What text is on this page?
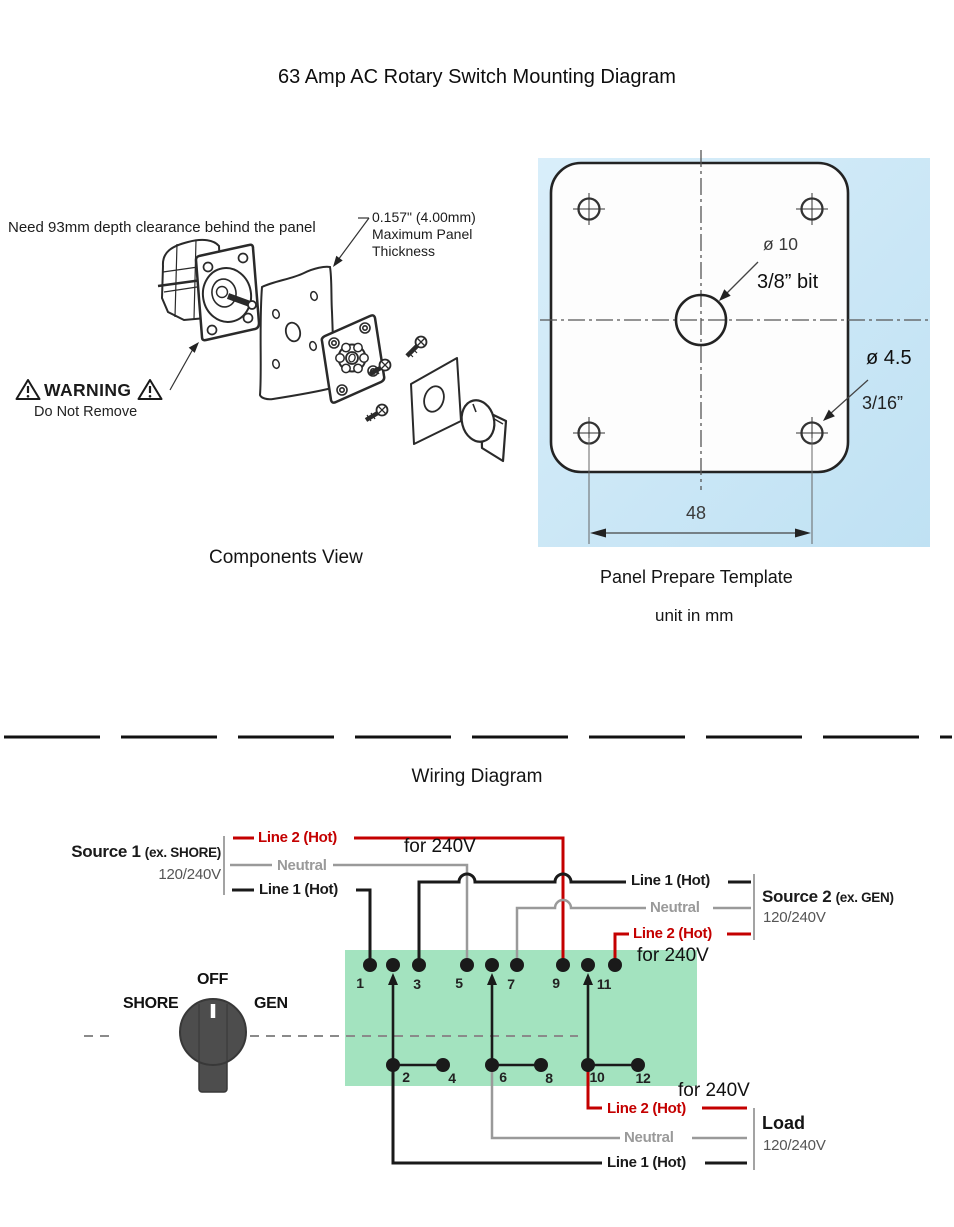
63 Amp AC Rotary Switch Mounting Diagram
Need 93mm depth clearance behind the panel
0.157" (4.00mm)
Maximum Panel
Thickness
WARNING
Do Not Remove
Components View
ø 10
3/8” bit
ø 4.5
3/16”
48
Panel Prepare Template
unit in mm
Wiring Diagram
Source 1 (ex. SHORE)
120/240V
Line 2 (Hot)
Neutral
Line 1 (Hot)
for 240V
Line 1 (Hot)
Neutral
Line 2 (Hot)
Source 2 (ex. GEN)
120/240V
for 240V
OFF
SHORE	GEN
1	3 5	7	9	11
2	4	6	8	10 12
for 240V
Line 2 (Hot)
Neutral
Line 1 (Hot)
Load
120/240V
